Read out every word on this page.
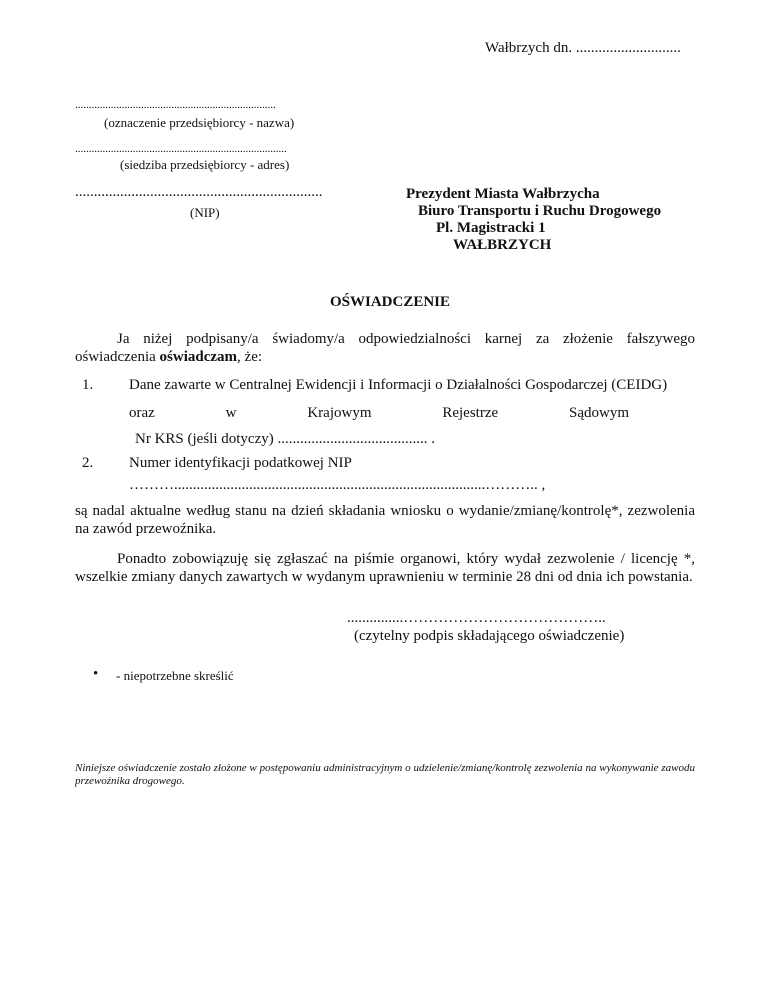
Wałbrzych dn. ............................
.........................................................................
(oznaczenie przedsiębiorcy - nazwa)
.............................................................................
(siedziba przedsiębiorcy - adres)
..................................................................
(NIP)
Prezydent Miasta Wałbrzycha
Biuro Transportu i Ruchu Drogowego
Pl. Magistracki 1
WAŁBRZYCH
OŚWIADCZENIE
Ja niżej podpisany/a świadomy/a odpowiedzialności karnej za złożenie fałszywego oświadczenia oświadczam, że:
1. Dane zawarte w Centralnej Ewidencji i Informacji o Działalności Gospodarczej (CEIDG)
oraz	w	Krajowym	Rejestrze	Sądowym
Nr KRS (jeśli dotyczy) ........................................ .
2. Numer identyfikacji podatkowej NIP
………...................................................................................……….. ,
są nadal aktualne według stanu na dzień składania wniosku o wydanie/zmianę/kontrolę*, zezwolenia na zawód przewoźnika.
Ponadto zobowiązuję się zgłaszać na piśmie organowi, który wydał zezwolenie / licencję *, wszelkie zmiany danych zawartych w wydanym uprawnieniu w terminie 28 dni od dnia ich powstania.
...............…………………………………..
(czytelny podpis składającego oświadczenie)
• - niepotrzebne skreślić
Niniejsze oświadczenie zostało złożone w postępowaniu administracyjnym o udzielenie/zmianę/kontrolę zezwolenia na wykonywanie zawodu przewoźnika drogowego.
